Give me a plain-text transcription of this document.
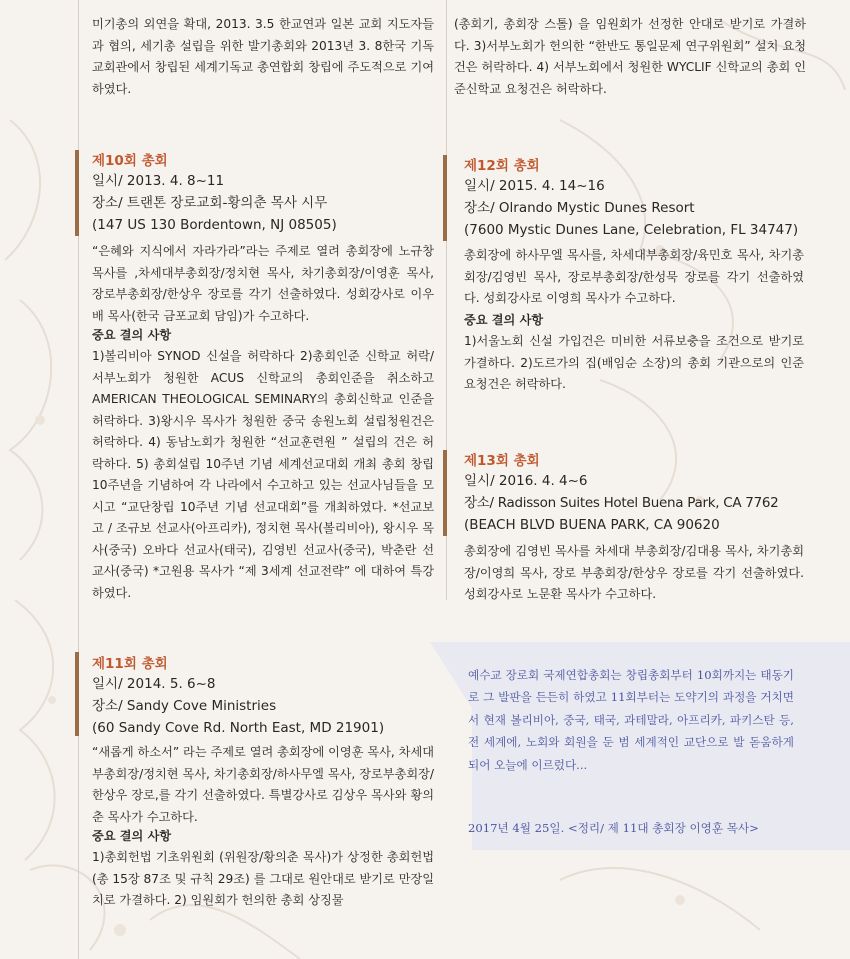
미기총의 외연을 확대, 2013. 3.5 한교연과 일본 교회 지도자들과 협의, 세기총 설립을 위한 발기총회와 2013년 3. 8한국 기독교회관에서 창립된 세계기독교 총연합회 창립에 주도적으로 기여하였다.

제10회 총회

일시/ 2013. 4. 8~11

장소/ 트랜톤 장로교회-황의춘 목사 시무

(147 US 130 Bordentown, NJ 08505)

“은혜와 지식에서 자라가라”라는 주제로 열려 총회장에 노규창 목사를 ,차세대부총회장/정치현 목사, 차기총회장/이영훈 목사, 장로부총회장/한상우 장로를 각기 선출하였다. 성회강사로 이우배 목사(한국 금포교회 담임)가 수고하다.

중요 결의 사항

1)볼리비아 SYNOD 신설을 허락하다 2)총회인준 신학교 허락/ 서부노회가 청원한 ACUS 신학교의 총회인준을 취소하고 AMERICAN THEOLOGICAL SEMINARY의 총회신학교 인준을 허락하다. 3)왕시우 목사가 청원한 중국 송원노회 설립청원건은 허락하다. 4) 동남노회가 청원한 “선교훈련원 ” 설립의 건은 허락하다. 5) 총회설립 10주년 기념 세계선교대회 개최 총회 창립 10주년을 기념하여 각 나라에서 수고하고 있는 선교사님들을 모시고 “교단창립 10주년 기념 선교대회”를 개최하였다. *선교보고 / 조규보 선교사(아프리카), 정치현 목사(볼리비아), 왕시우 목사(중국) 오바다 선교사(태국), 김영빈 선교사(중국), 박춘란 선교사(중국) *고원용 목사가 “제 3세계 선교전략” 에 대하여 특강하였다.

제11회 총회

일시/ 2014. 5. 6~8

장소/ Sandy Cove Ministries

(60 Sandy Cove Rd. North East, MD 21901)

“새롭게 하소서” 라는 주제로 열려 총회장에 이영훈 목사, 차세대부총회장/정치현 목사, 차기총회장/하사무엘 목사, 장로부총회장/한상우 장로,를 각기 선출하였다. 특별강사로 김상우 목사와 황의춘 목사가 수고하다.

중요 결의 사항

1)총회헌법 기초위원회 (위원장/황의춘 목사)가 상정한 총회헌법 (총 15장 87조 및 규칙 29조) 를 그대로 원안대로 받기로 만장일치로 가결하다. 2) 임원회가 헌의한 총회 상징물

(총회기, 총회장 스톨) 을 임원회가 선정한 안대로 받기로 가결하다. 3)서부노회가 헌의한 “한반도 통일문제 연구위원회” 설치 요청건은 허락하다. 4) 서부노회에서 청원한 WYCLIF 신학교의 총회 인준신학교 요청건은 허락하다.

제12회 총회

일시/ 2015. 4. 14~16

장소/ Olrando Mystic Dunes Resort

(7600 Mystic Dunes Lane, Celebration, FL 34747)

총회장에 하사무엘 목사를, 차세대부총회장/육민호 목사, 차기총회장/김영빈 목사, 장로부총회장/한성묵 장로를 각기 선출하였다. 성회강사로 이영희 목사가 수고하다.

중요 결의 사항

1)서울노회 신설 가입건은 미비한 서류보충을 조건으로 받기로 가결하다. 2)도르가의 집(배임순 소장)의 총회 기관으로의 인준 요청건은 허락하다.

제13회 총회

일시/ 2016. 4. 4~6

장소/ Radisson Suites Hotel Buena Park, CA 7762

(BEACH BLVD BUENA PARK, CA 90620

총회장에 김영빈 목사를 차세대 부총회장/김대용 목사, 차기총회장/이영희 목사, 장로 부총회장/한상우 장로를 각기 선출하였다. 성회강사로 노문환 목사가 수고하다.

예수교 장로회 국제연합총회는 창립총회부터 10회까지는 태동기로 그 발판을 든든히 하였고 11회부터는 도약기의 과정을 거치면서 현재 볼리비아, 중국, 태국, 과테말라, 아프리카, 파키스탄 등, 전 세계에, 노회와 회원을 둔 범 세계적인 교단으로 발 돋움하게 되어 오늘에 이르렀다...

2017년 4월 25일. <정리/ 제 11대 총회장 이영훈 목사>
